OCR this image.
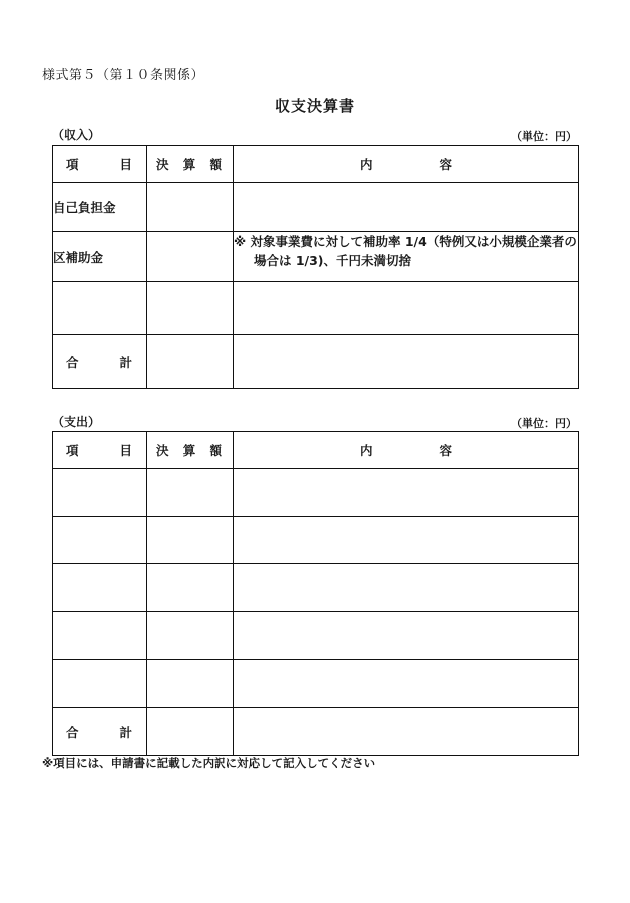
様式第５（第１０条関係）
収支決算書
（収入）	（単位：円）
項 目	決 算 額	内 容

自己負担金		
区補助金		※ 対象事業費に対して補助率 1/4（特例又は小規模企業者の
場合は 1/3)、千円未満切捨

合 計		

（支出）	（単位：円）
項 目	決 算 額	内 容

合 計		

※項目には、申請書に記載した内訳に対応して記入してください
